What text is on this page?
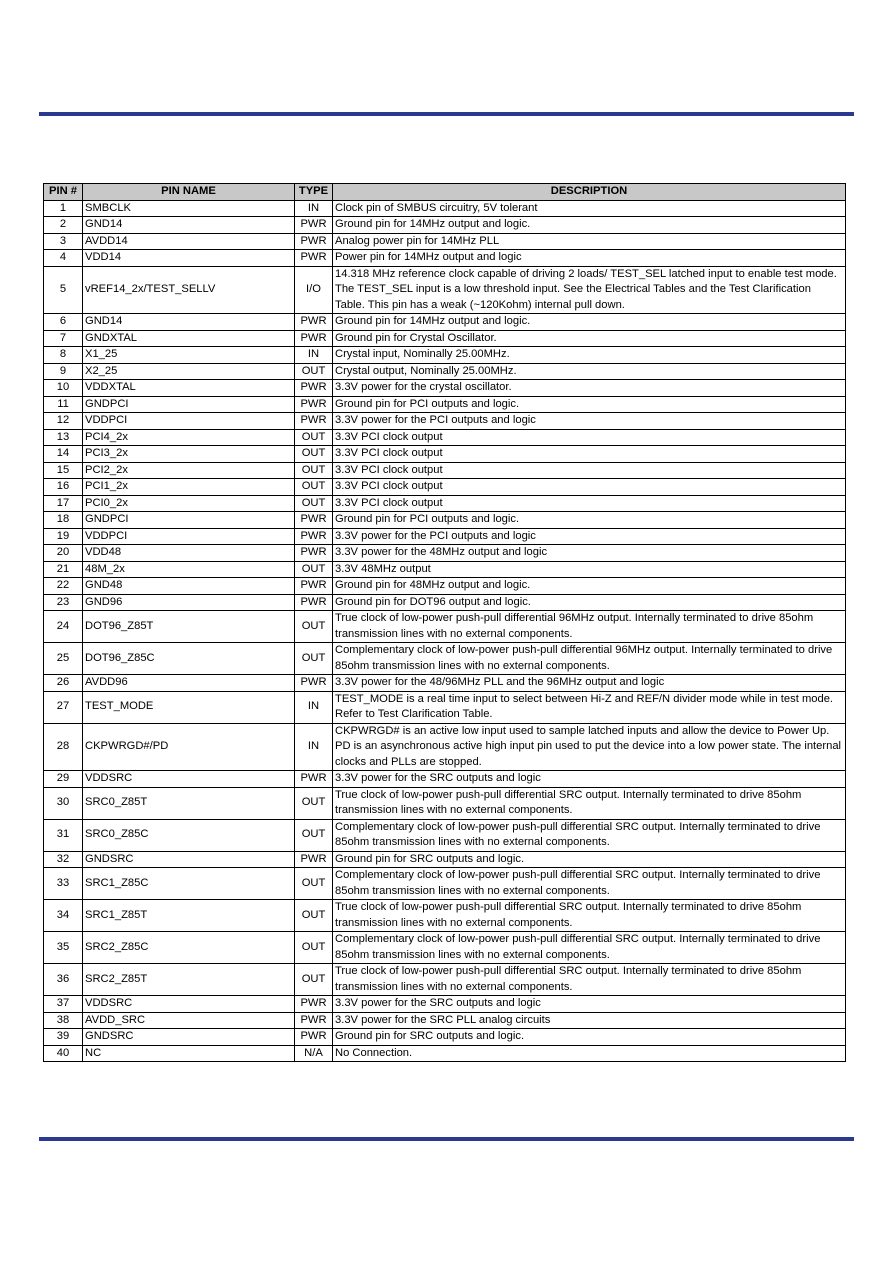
PIN #	PIN NAME	TYPE	DESCRIPTION
1	SMBCLK	IN	Clock pin of SMBUS circuitry, 5V tolerant
2	GND14	PWR	Ground pin for 14MHz output and logic.
3	AVDD14	PWR	Analog power pin for 14MHz PLL
4	VDD14	PWR	Power pin for 14MHz output and logic
5	vREF14_2x/TEST_SELLV	I/O	14.318 MHz reference clock capable of driving 2 loads/ TEST_SEL latched input to enable test mode. The TEST_SEL input is a low threshold input. See the Electrical Tables and the Test Clarification Table. This pin has a weak (~120Kohm) internal pull down.
6	GND14	PWR	Ground pin for 14MHz output and logic.
7	GNDXTAL	PWR	Ground pin for Crystal Oscillator.
8	X1_25	IN	Crystal input, Nominally 25.00MHz.
9	X2_25	OUT	Crystal output, Nominally 25.00MHz.
10	VDDXTAL	PWR	3.3V power for the crystal oscillator.
11	GNDPCI	PWR	Ground pin for PCI outputs and logic.
12	VDDPCI	PWR	3.3V power for the PCI outputs and logic
13	PCI4_2x	OUT	3.3V PCI clock output
14	PCI3_2x	OUT	3.3V PCI clock output
15	PCI2_2x	OUT	3.3V PCI clock output
16	PCI1_2x	OUT	3.3V PCI clock output
17	PCI0_2x	OUT	3.3V PCI clock output
18	GNDPCI	PWR	Ground pin for PCI outputs and logic.
19	VDDPCI	PWR	3.3V power for the PCI outputs and logic
20	VDD48	PWR	3.3V power for the 48MHz output and logic
21	48M_2x	OUT	3.3V 48MHz output
22	GND48	PWR	Ground pin for 48MHz output and logic.
23	GND96	PWR	Ground pin for DOT96 output and logic.
24	DOT96_Z85T	OUT	True clock of low-power push-pull differential 96MHz output. Internally terminated to drive 85ohm transmission lines with no external components.
25	DOT96_Z85C	OUT	Complementary clock of low-power push-pull differential 96MHz output. Internally terminated to drive 85ohm transmission lines with no external components.
26	AVDD96	PWR	3.3V power for the 48/96MHz PLL and the 96MHz output and logic
27	TEST_MODE	IN	TEST_MODE is a real time input to select between Hi-Z and REF/N divider mode while in test mode. Refer to Test Clarification Table.
28	CKPWRGD#/PD	IN	CKPWRGD# is an active low input used to sample latched inputs and allow the device to Power Up. PD is an asynchronous active high input pin used to put the device into a low power state. The internal clocks and PLLs are stopped.
29	VDDSRC	PWR	3.3V power for the SRC outputs and logic
30	SRC0_Z85T	OUT	True clock of low-power push-pull differential SRC output. Internally terminated to drive 85ohm transmission lines with no external components.
31	SRC0_Z85C	OUT	Complementary clock of low-power push-pull differential SRC output. Internally terminated to drive 85ohm transmission lines with no external components.
32	GNDSRC	PWR	Ground pin for SRC outputs and logic.
33	SRC1_Z85C	OUT	Complementary clock of low-power push-pull differential SRC output. Internally terminated to drive 85ohm transmission lines with no external components.
34	SRC1_Z85T	OUT	True clock of low-power push-pull differential SRC output. Internally terminated to drive 85ohm transmission lines with no external components.
35	SRC2_Z85C	OUT	Complementary clock of low-power push-pull differential SRC output. Internally terminated to drive 85ohm transmission lines with no external components.
36	SRC2_Z85T	OUT	True clock of low-power push-pull differential SRC output. Internally terminated to drive 85ohm transmission lines with no external components.
37	VDDSRC	PWR	3.3V power for the SRC outputs and logic
38	AVDD_SRC	PWR	3.3V power for the SRC PLL analog circuits
39	GNDSRC	PWR	Ground pin for SRC outputs and logic.
40	NC	N/A	No Connection.
